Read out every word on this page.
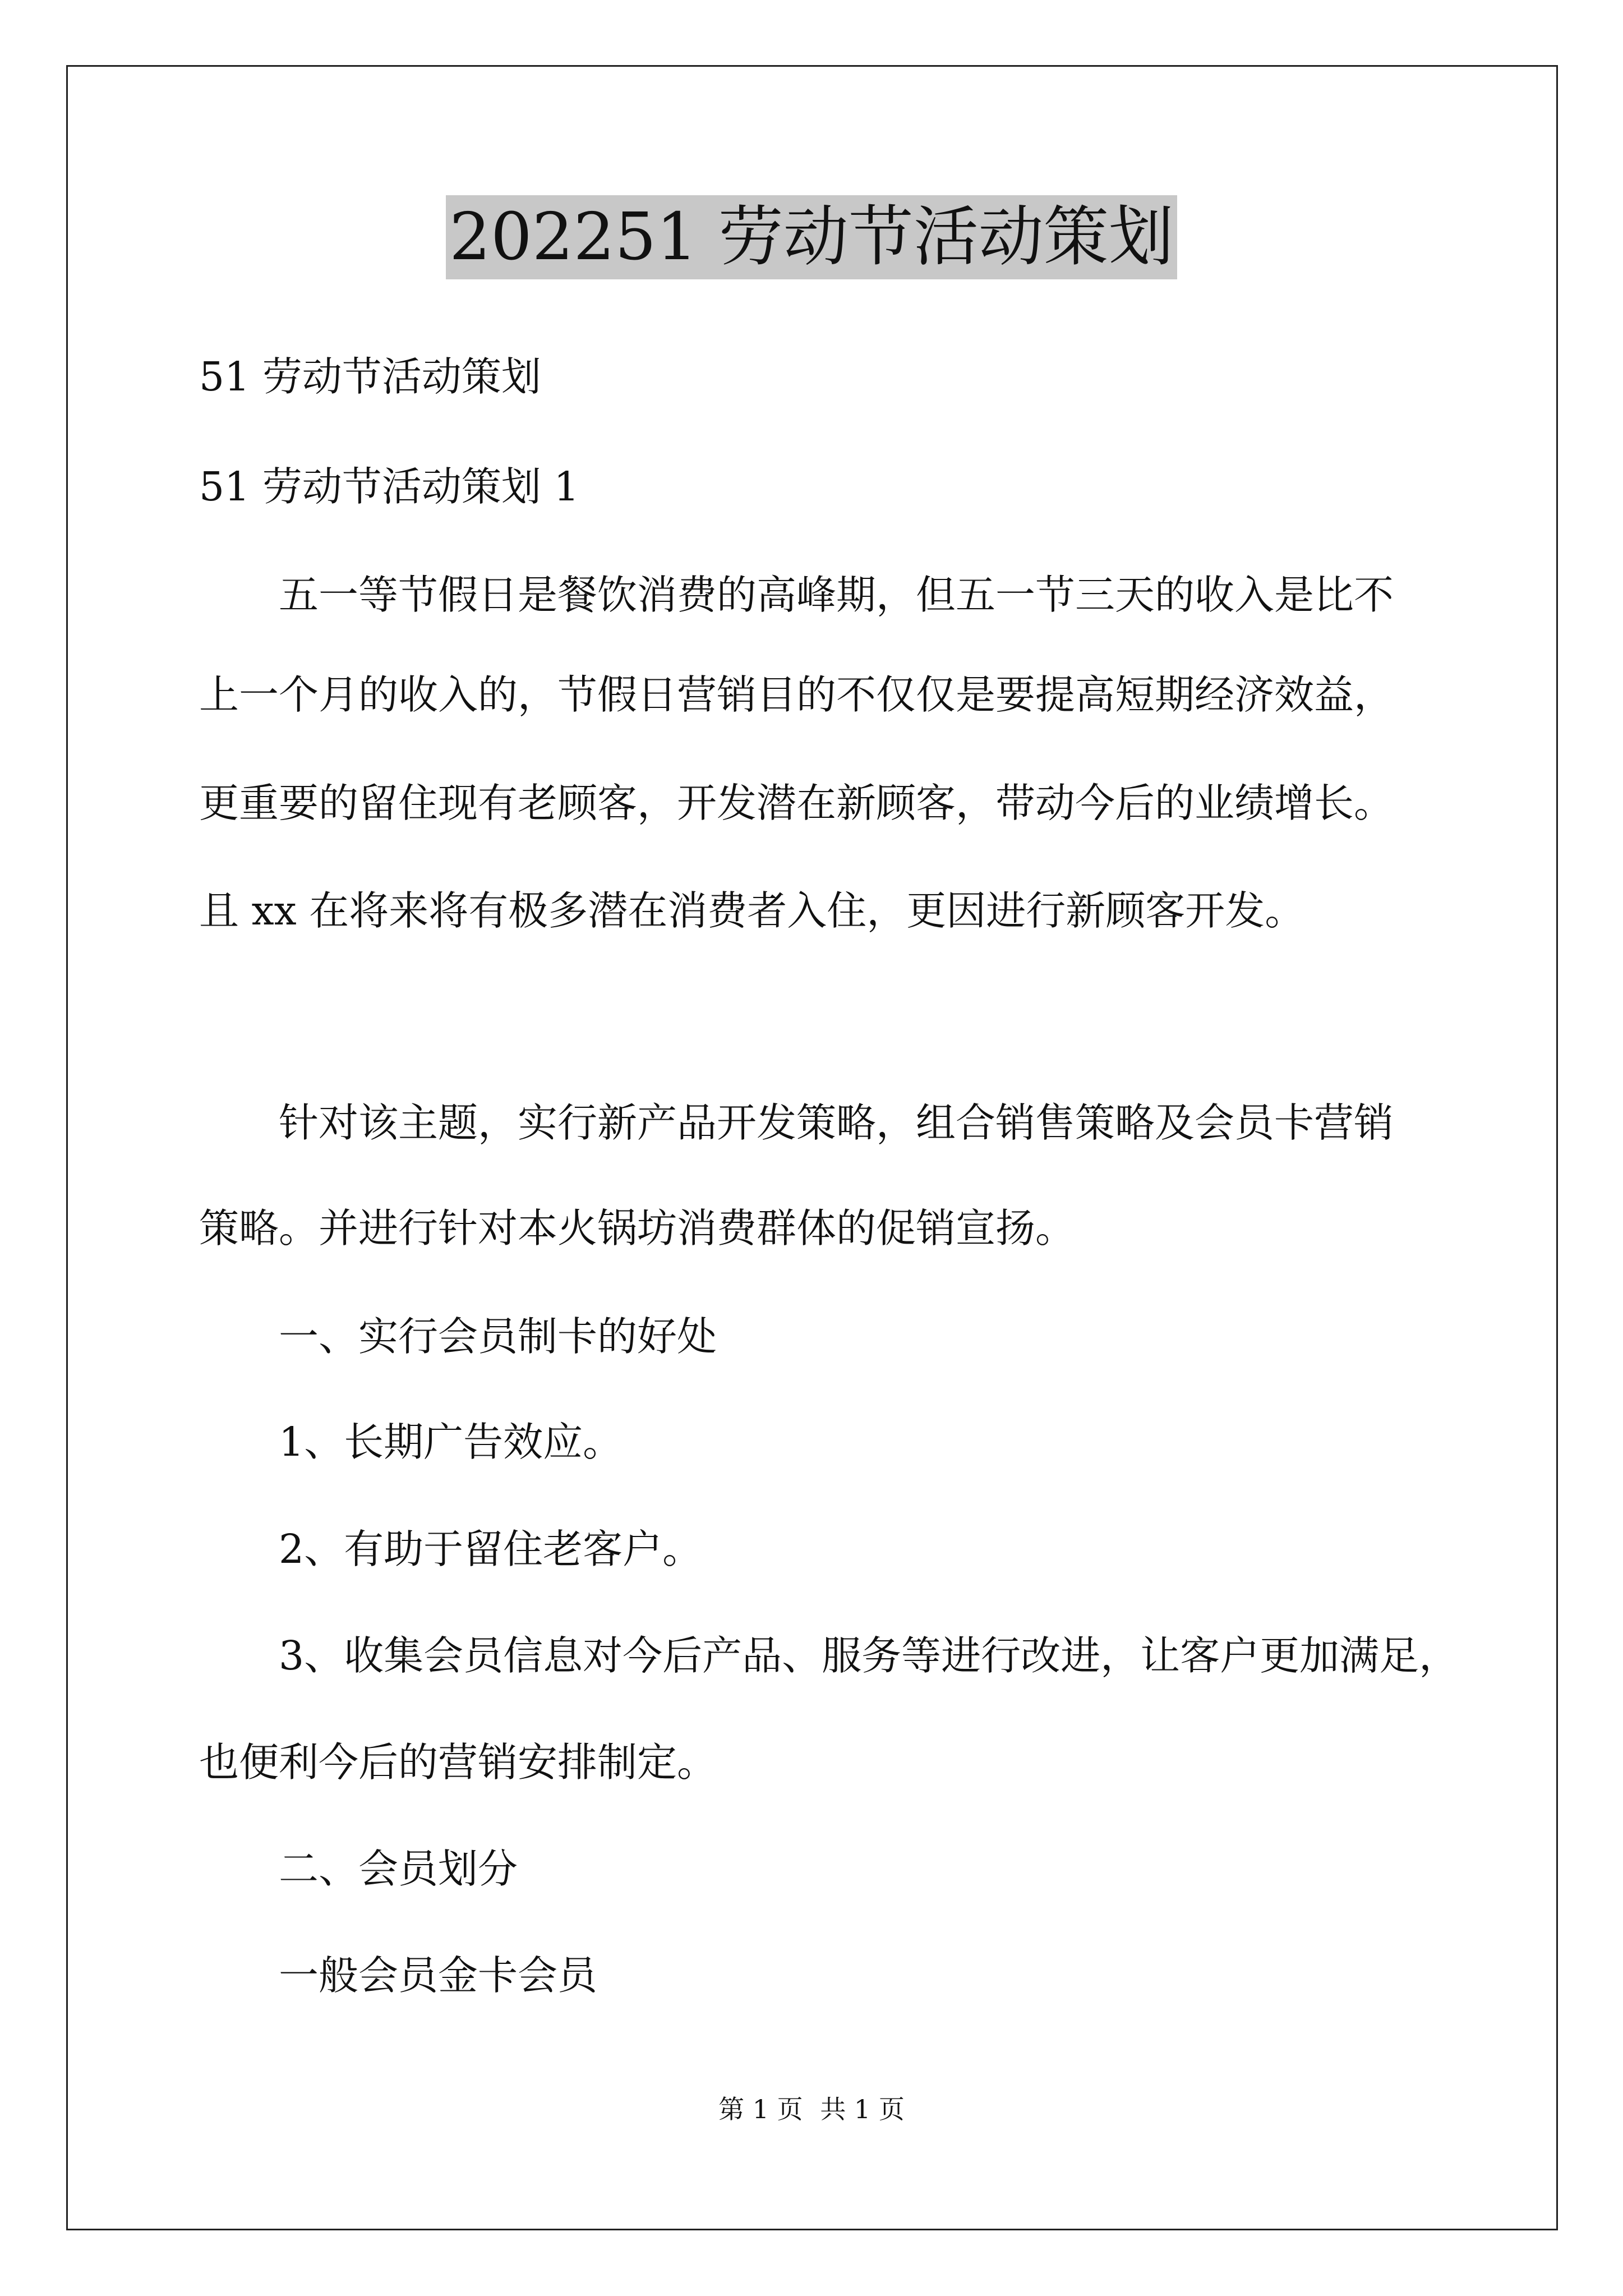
202251 劳动节活动策划
51 劳动节活动策划
51 劳动节活动策划 1
　　五一等节假日是餐饮消费的高峰期，但五一节三天的收入是比不
上一个月的收入的，节假日营销目的不仅仅是要提高短期经济效益，
更重要的留住现有老顾客，开发潜在新顾客，带动今后的业绩增长。
且 xx 在将来将有极多潜在消费者入住，更因进行新顾客开发。
　　针对该主题，实行新产品开发策略，组合销售策略及会员卡营销
策略。并进行针对本火锅坊消费群体的促销宣扬。
　　一、实行会员制卡的好处
　　1、长期广告效应。
　　2、有助于留住老客户。
　　3、收集会员信息对今后产品、服务等进行改进，让客户更加满足，
也便利今后的营销安排制定。
　　二、会员划分
　　一般会员金卡会员
第 1 页 共 1 页
